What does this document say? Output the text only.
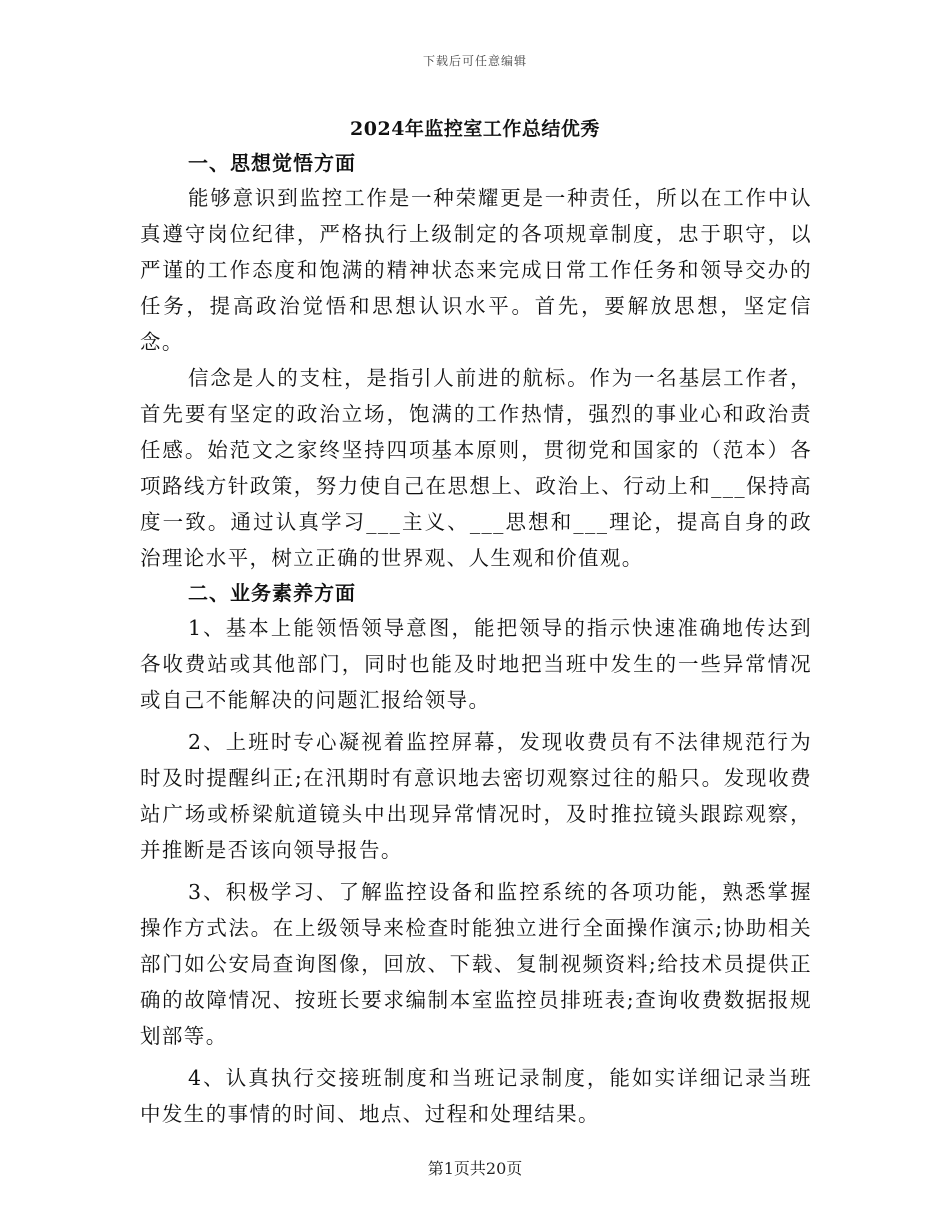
下载后可任意编辑
2024年监控室工作总结优秀

一、思想觉悟方面

能够意识到监控工作是一种荣耀更是一种责任，所以在工作中认真遵守岗位纪律，严格执行上级制定的各项规章制度，忠于职守，以严谨的工作态度和饱满的精神状态来完成日常工作任务和领导交办的任务，提高政治觉悟和思想认识水平。首先，要解放思想，坚定信念。

信念是人的支柱，是指引人前进的航标。作为一名基层工作者，首先要有坚定的政治立场，饱满的工作热情，强烈的事业心和政治责任感。始范文之家终坚持四项基本原则，贯彻党和国家的（范本）各项路线方针政策，努力使自己在思想上、政治上、行动上和___保持高度一致。通过认真学习___主义、___思想和___理论，提高自身的政治理论水平，树立正确的世界观、人生观和价值观。

二、业务素养方面

1、基本上能领悟领导意图，能把领导的指示快速准确地传达到各收费站或其他部门，同时也能及时地把当班中发生的一些异常情况或自己不能解决的问题汇报给领导。

2、上班时专心凝视着监控屏幕，发现收费员有不法律规范行为时及时提醒纠正;在汛期时有意识地去密切观察过往的船只。发现收费站广场或桥梁航道镜头中出现异常情况时，及时推拉镜头跟踪观察，并推断是否该向领导报告。

3、积极学习、了解监控设备和监控系统的各项功能，熟悉掌握操作方式法。在上级领导来检查时能独立进行全面操作演示;协助相关部门如公安局查询图像，回放、下载、复制视频资料;给技术员提供正确的故障情况、按班长要求编制本室监控员排班表;查询收费数据报规划部等。

4、认真执行交接班制度和当班记录制度，能如实详细记录当班中发生的事情的时间、地点、过程和处理结果。

第1页共20页
